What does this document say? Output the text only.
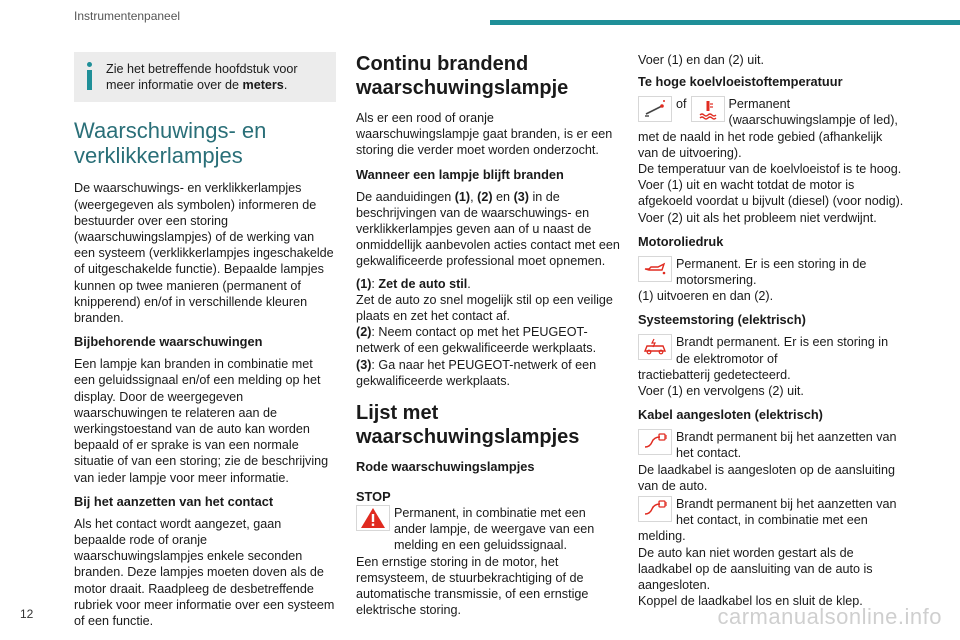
Instrumentenpaneel
Zie het betreffende hoofdstuk voor meer informatie over de meters.
Waarschuwings- en verklikkerlampjes

De waarschuwings- en verklikkerlampjes (weergegeven als symbolen) informeren de bestuurder over een storing (waarschuwingslampjes) of de werking van een systeem (verklikkerlampjes ingeschakelde of uitgeschakelde functie). Bepaalde lampjes kunnen op twee manieren (permanent of knipperend) en/of in verschillende kleuren branden.

Bijbehorende waarschuwingen

Een lampje kan branden in combinatie met een geluidssignaal en/of een melding op het display. Door de weergegeven waarschuwingen te relateren aan de werkingstoestand van de auto kan worden bepaald of er sprake is van een normale situatie of van een storing; zie de beschrijving van ieder lampje voor meer informatie.

Bij het aanzetten van het contact

Als het contact wordt aangezet, gaan bepaalde rode of oranje waarschuwingslampjes enkele seconden branden. Deze lampjes moeten doven als de motor draait. Raadpleeg de desbetreffende rubriek voor meer informatie over een systeem of een functie.

Continu brandend waarschuwingslampje

Als er een rood of oranje waarschuwingslampje gaat branden, is er een storing die verder moet worden onderzocht.

Wanneer een lampje blijft branden

De aanduidingen (1), (2) en (3) in de beschrijvingen van de waarschuwings- en verklikkerlampjes geven aan of u naast de onmiddellijk aanbevolen acties contact met een gekwalificeerde professional moet opnemen.

(1): Zet de auto stil.

Zet de auto zo snel mogelijk stil op een veilige plaats en zet het contact af.

(2): Neem contact op met het PEUGEOT-netwerk of een gekwalificeerde werkplaats.

(3): Ga naar het PEUGEOT-netwerk of een gekwalificeerde werkplaats.

Lijst met waarschuwingslampjes
Rode waarschuwingslampjes
STOP
Permanent, in combinatie met een ander lampje, de weergave van een melding en een geluidssignaal.

Een ernstige storing in de motor, het remsysteem, de stuurbekrachtiging of de automatische transmissie, of een ernstige elektrische storing.

Voer (1) en dan (2) uit.

Te hoge koelvloeistoftemperatuur
of	Permanent (waarschuwingslampje of led),

met de naald in het rode gebied (afhankelijk van de uitvoering).

De temperatuur van de koelvloeistof is te hoog.

Voer (1) uit en wacht totdat de motor is afgekoeld voordat u bijvult (diesel) (voor nodig).

Voer (2) uit als het probleem niet verdwijnt.

Motoroliedruk
Permanent. Er is een storing in de motorsmering.

(1) uitvoeren en dan (2).

Systeemstoring (elektrisch)
Brandt permanent. Er is een storing in de elektromotor of

tractiebatterij gedetecteerd.

Voer (1) en vervolgens (2) uit.

Kabel aangesloten (elektrisch)
Brandt permanent bij het aanzetten van het contact.

De laadkabel is aangesloten op de aansluiting van de auto.

Brandt permanent bij het aanzetten van het contact, in combinatie met een

melding.

De auto kan niet worden gestart als de laadkabel op de aansluiting van de auto is aangesloten.

Koppel de laadkabel los en sluit de klep.

12	carmanualsonline.info
